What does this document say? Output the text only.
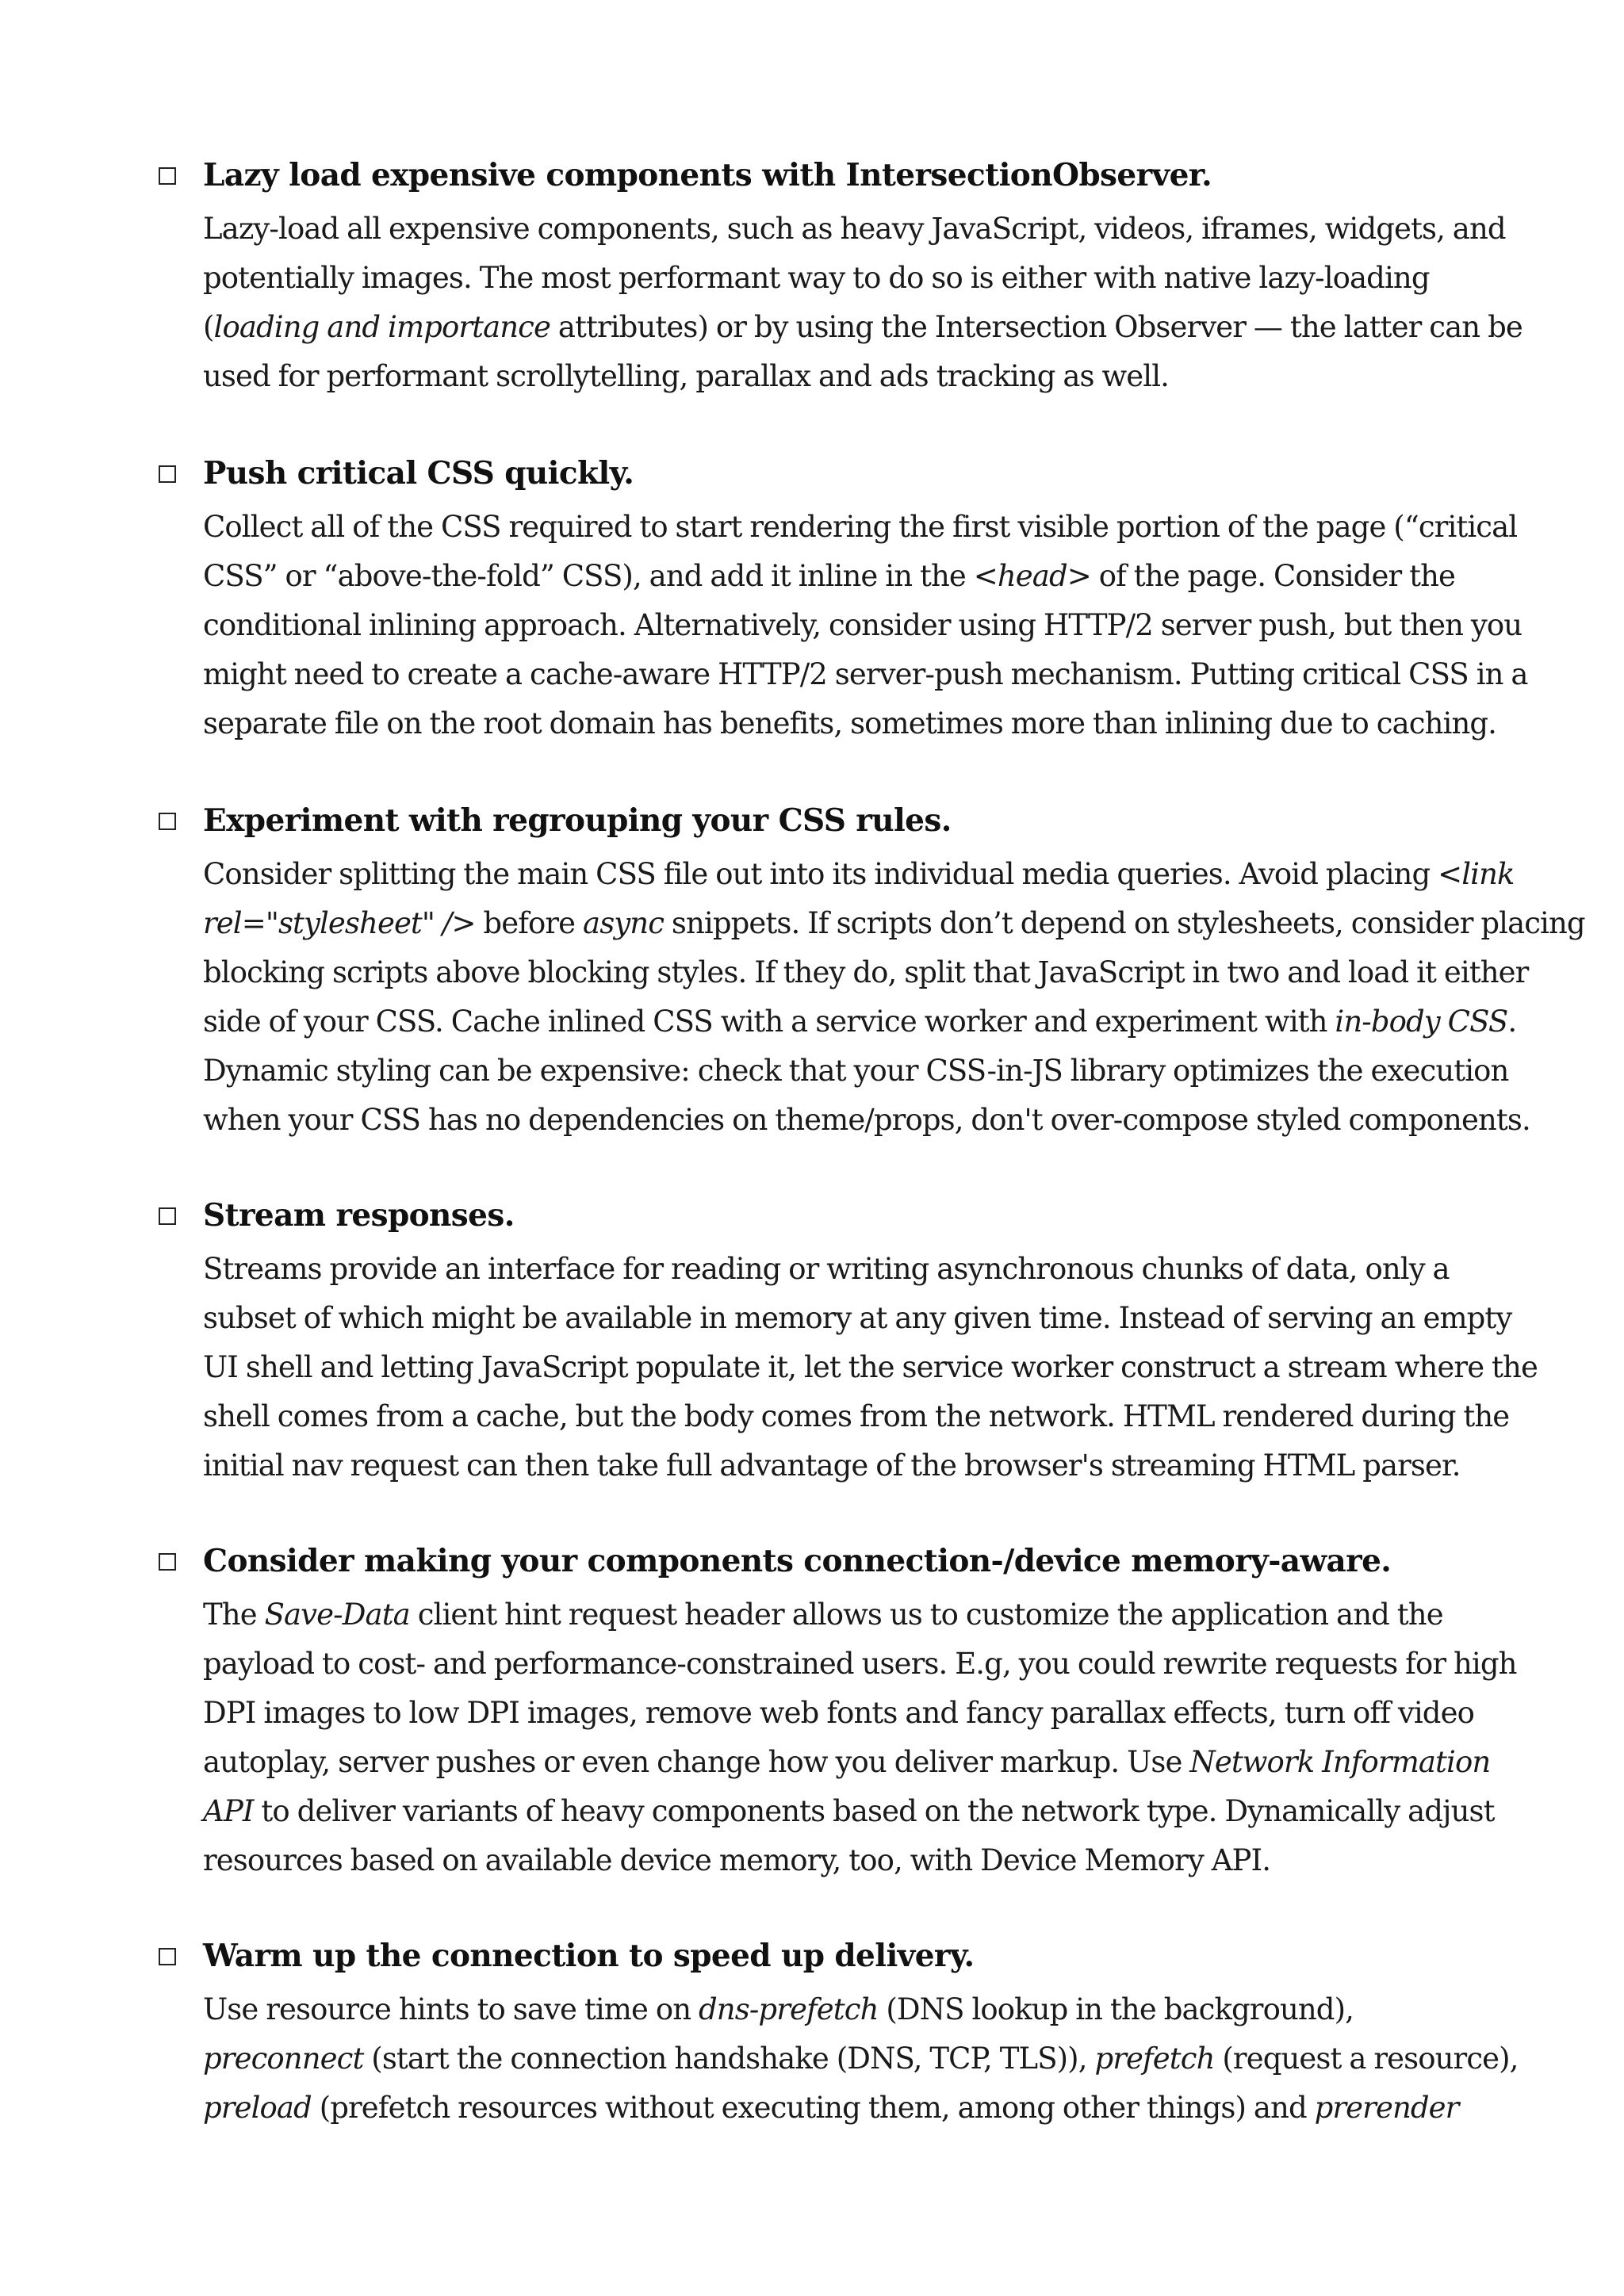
Lazy load expensive components with IntersectionObserver.
Lazy-load all expensive components, such as heavy JavaScript, videos, iframes, widgets, and
potentially images. The most performant way to do so is either with native lazy-loading
(loading and importance attributes) or by using the Intersection Observer — the latter can be
used for performant scrollytelling, parallax and ads tracking as well.
Push critical CSS quickly.
Collect all of the CSS required to start rendering the first visible portion of the page (“critical
CSS” or “above-the-fold” CSS), and add it inline in the <head> of the page. Consider the
conditional inlining approach. Alternatively, consider using HTTP/2 server push, but then you
might need to create a cache-aware HTTP/2 server-push mechanism. Putting critical CSS in a
separate file on the root domain has benefits, sometimes more than inlining due to caching.
Experiment with regrouping your CSS rules.
Consider splitting the main CSS file out into its individual media queries. Avoid placing <link
rel="stylesheet" /> before async snippets. If scripts don’t depend on stylesheets, consider placing
blocking scripts above blocking styles. If they do, split that JavaScript in two and load it either
side of your CSS. Cache inlined CSS with a service worker and experiment with in-body CSS.
Dynamic styling can be expensive: check that your CSS-in-JS library optimizes the execution
when your CSS has no dependencies on theme/props, don't over-compose styled components.
Stream responses.
Streams provide an interface for reading or writing asynchronous chunks of data, only a
subset of which might be available in memory at any given time. Instead of serving an empty
UI shell and letting JavaScript populate it, let the service worker construct a stream where the
shell comes from a cache, but the body comes from the network. HTML rendered during the
initial nav request can then take full advantage of the browser's streaming HTML parser.
Consider making your components connection-/device memory-aware.
The Save-Data client hint request header allows us to customize the application and the
payload to cost- and performance-constrained users. E.g, you could rewrite requests for high
DPI images to low DPI images, remove web fonts and fancy parallax effects, turn off video
autoplay, server pushes or even change how you deliver markup. Use Network Information
API to deliver variants of heavy components based on the network type. Dynamically adjust
resources based on available device memory, too, with Device Memory API.
Warm up the connection to speed up delivery.
Use resource hints to save time on dns-prefetch (DNS lookup in the background),
preconnect (start the connection handshake (DNS, TCP, TLS)), prefetch (request a resource),
preload (prefetch resources without executing them, among other things) and prerender
